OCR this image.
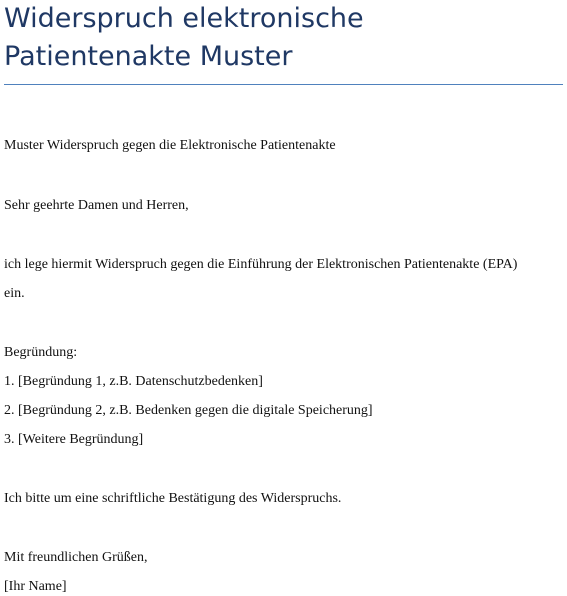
Widerspruch elektronische
Patientenakte Muster

Muster Widerspruch gegen die Elektronische Patientenakte

Sehr geehrte Damen und Herren,

ich lege hiermit Widerspruch gegen die Einführung der Elektronischen Patientenakte (EPA)

ein.

Begründung:

1. [Begründung 1, z.B. Datenschutzbedenken]

2. [Begründung 2, z.B. Bedenken gegen die digitale Speicherung]

3. [Weitere Begründung]

Ich bitte um eine schriftliche Bestätigung des Widerspruchs.

Mit freundlichen Grüßen,

[Ihr Name]
